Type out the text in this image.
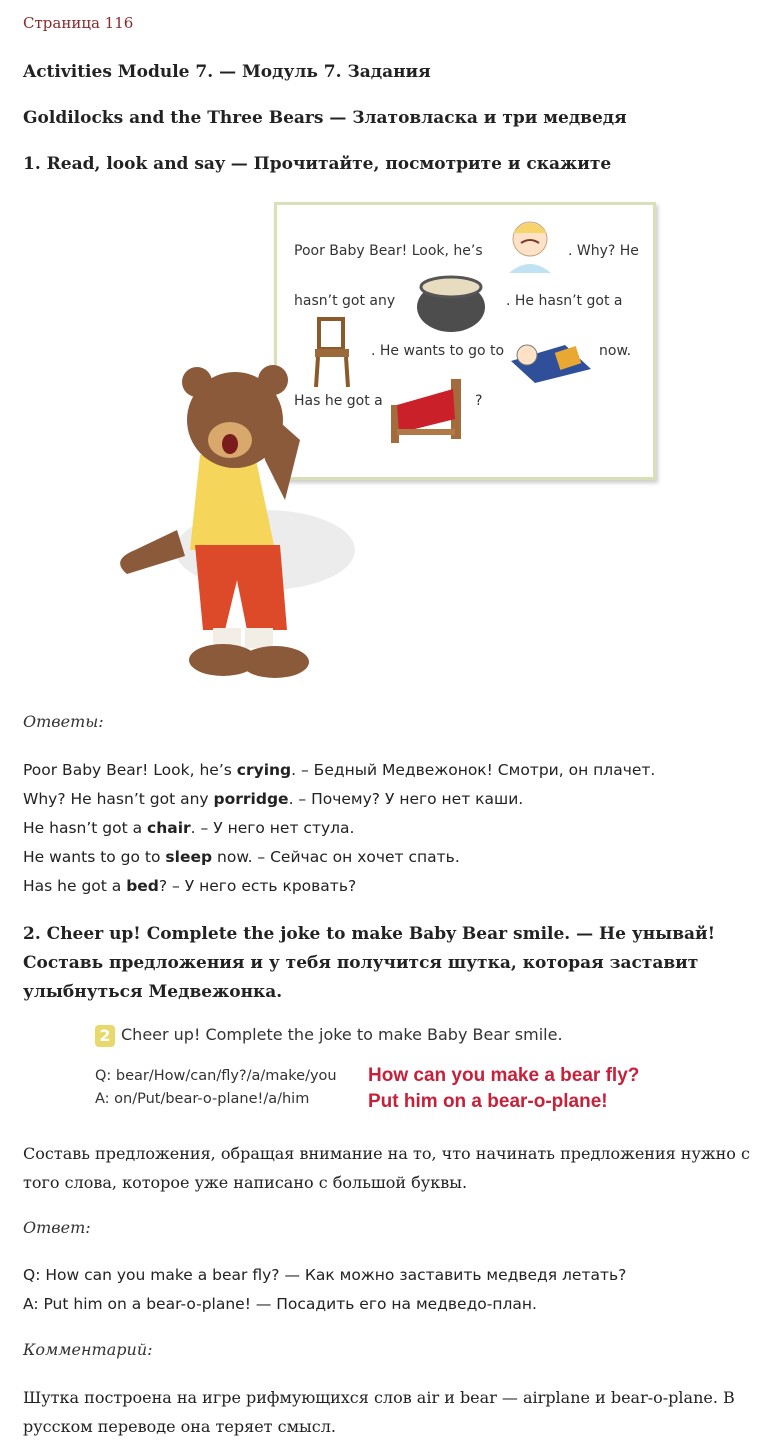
Страница 116
Activities Module 7. — Модуль 7. Задания
Goldilocks and the Three Bears — Златовласка и три медведя
1. Read, look and say — Прочитайте, посмотрите и скажите
Poor Baby Bear! Look, he’s	. Why? He
hasn’t got any	. He hasn’t got a
. He wants to go to	now.
Has he got a	?
Ответы:
Poor Baby Bear! Look, he’s crying. – Бедный Медвежонок! Смотри, он плачет.
Why? He hasn’t got any porridge. – Почему? У него нет каши.
He hasn’t got a chair. – У него нет стула.
He wants to go to sleep now. – Сейчас он хочет спать.
Has he got a bed? – У него есть кровать?
2. Cheer up! Complete the joke to make Baby Bear smile. — Не унывай!
Составь предложения и у тебя получится шутка, которая заставит
улыбнуться Медвежонка.
2 Cheer up! Complete the joke to make Baby Bear smile.
Q: bear/How/can/fly?/a/make/you
A: on/Put/bear-o-plane!/a/him
How can you make a bear fly?
Put him on a bear-o-plane!
Составь предложения, обращая внимание на то, что начинать предложения нужно с того слова, которое уже написано с большой буквы.
Ответ:
Q: How can you make a bear fly? — Как можно заставить медведя летать?
A: Put him on a bear-o-plane! — Посадить его на медведо-план.
Комментарий:
Шутка построена на игре рифмующихся слов air и bear — airplane и bear-o-plane. В русском переводе она теряет смысл.
